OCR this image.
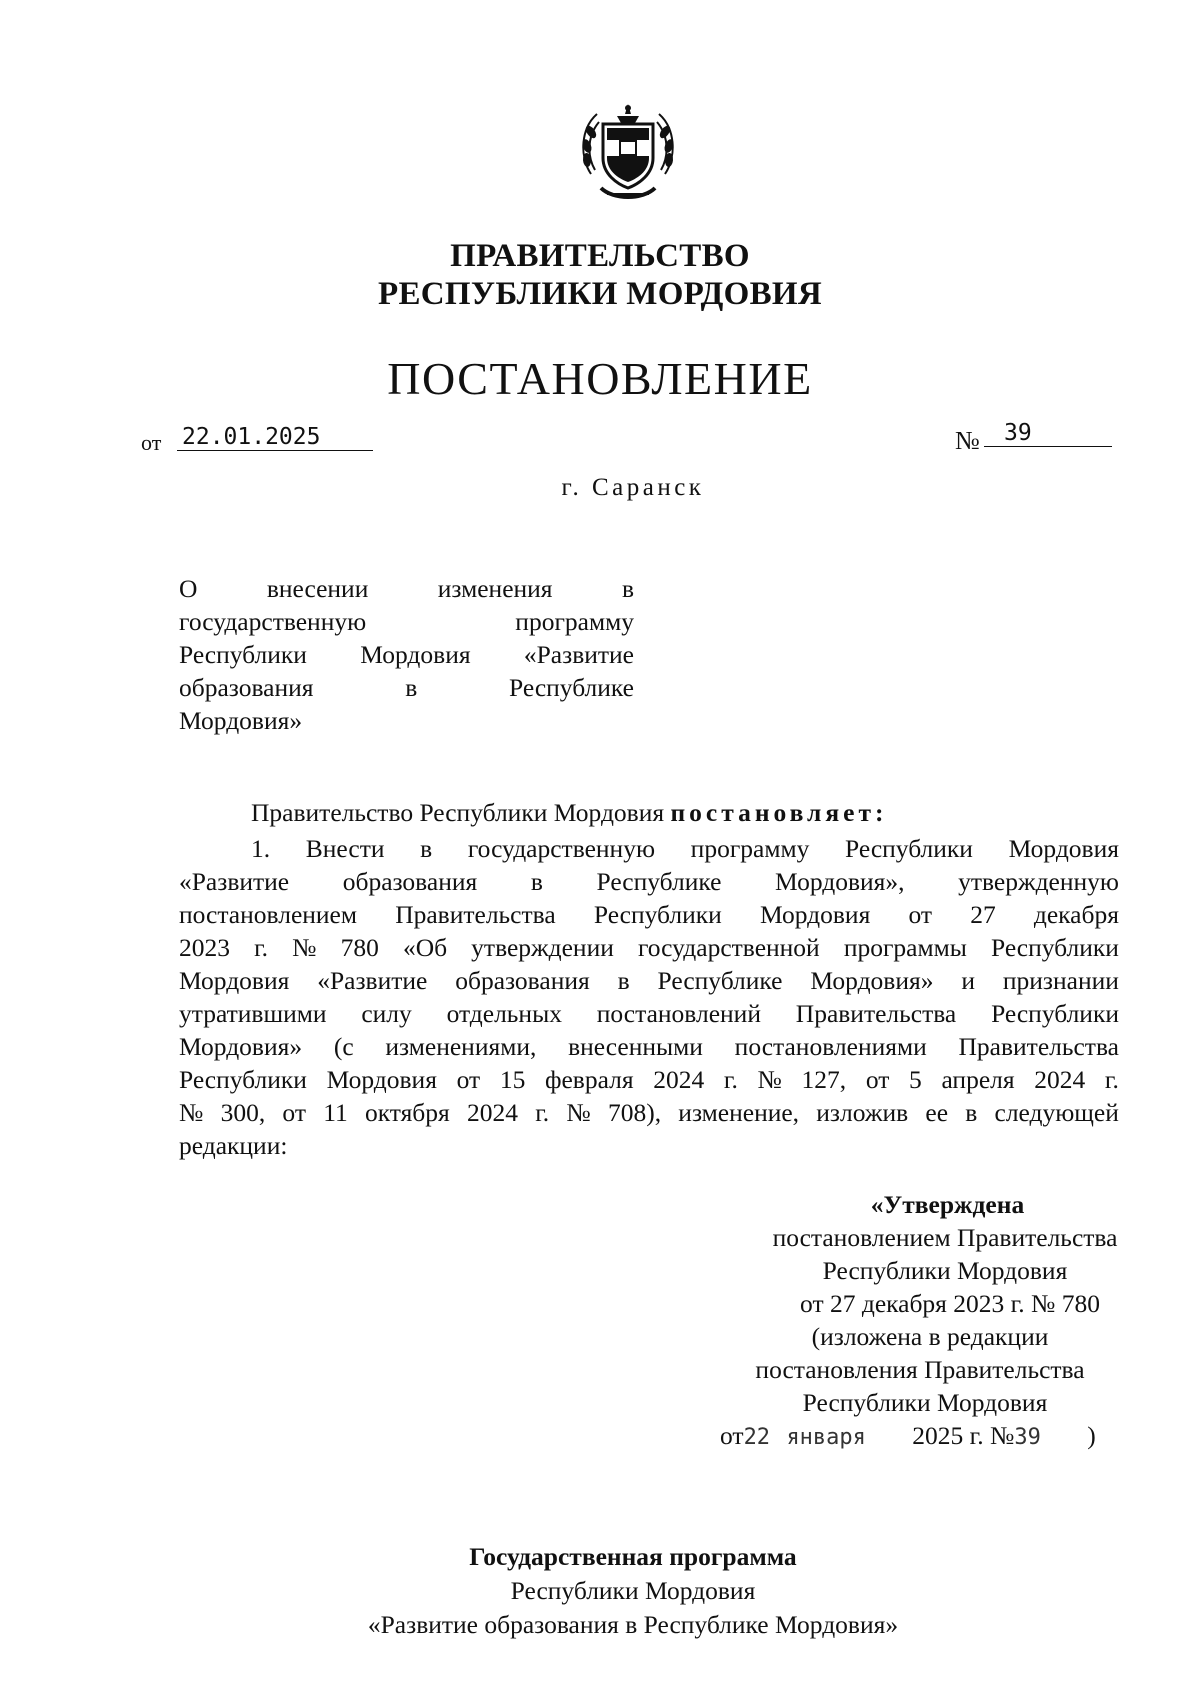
ПРАВИТЕЛЬСТВО
РЕСПУБЛИКИ МОРДОВИЯ
ПОСТАНОВЛЕНИЕ
от 22.01.2025	№ 39
г. Саранск
О	внесении	изменения	в
государственную	программу
Республики Мордовия «Развитие
образования	в	Республике
Мордовия»
Правительство Республики Мордовия постановляет:
1. Внести в государственную программу Республики Мордовия
«Развитие образования в Республике Мордовия», утвержденную
постановлением Правительства Республики Мордовия от 27 декабря
2023 г. № 780 «Об утверждении государственной программы Республики
Мордовия «Развитие образования в Республике Мордовия» и признании
утратившими силу отдельных постановлений Правительства Республики
Мордовия» (с изменениями, внесенными постановлениями Правительства
Республики Мордовия от 15 февраля 2024 г. № 127, от 5 апреля 2024 г.
№ 300, от 11 октября 2024 г. № 708), изменение, изложив ее в следующей
редакции:
«Утверждена
постановлением Правительства
Республики Мордовия
от 27 декабря 2023 г. № 780
(изложена в редакции
постановления Правительства
Республики Мордовия
от22 января 2025 г. №39 )
Государственная программа
Республики Мордовия
«Развитие образования в Республике Мордовия»
